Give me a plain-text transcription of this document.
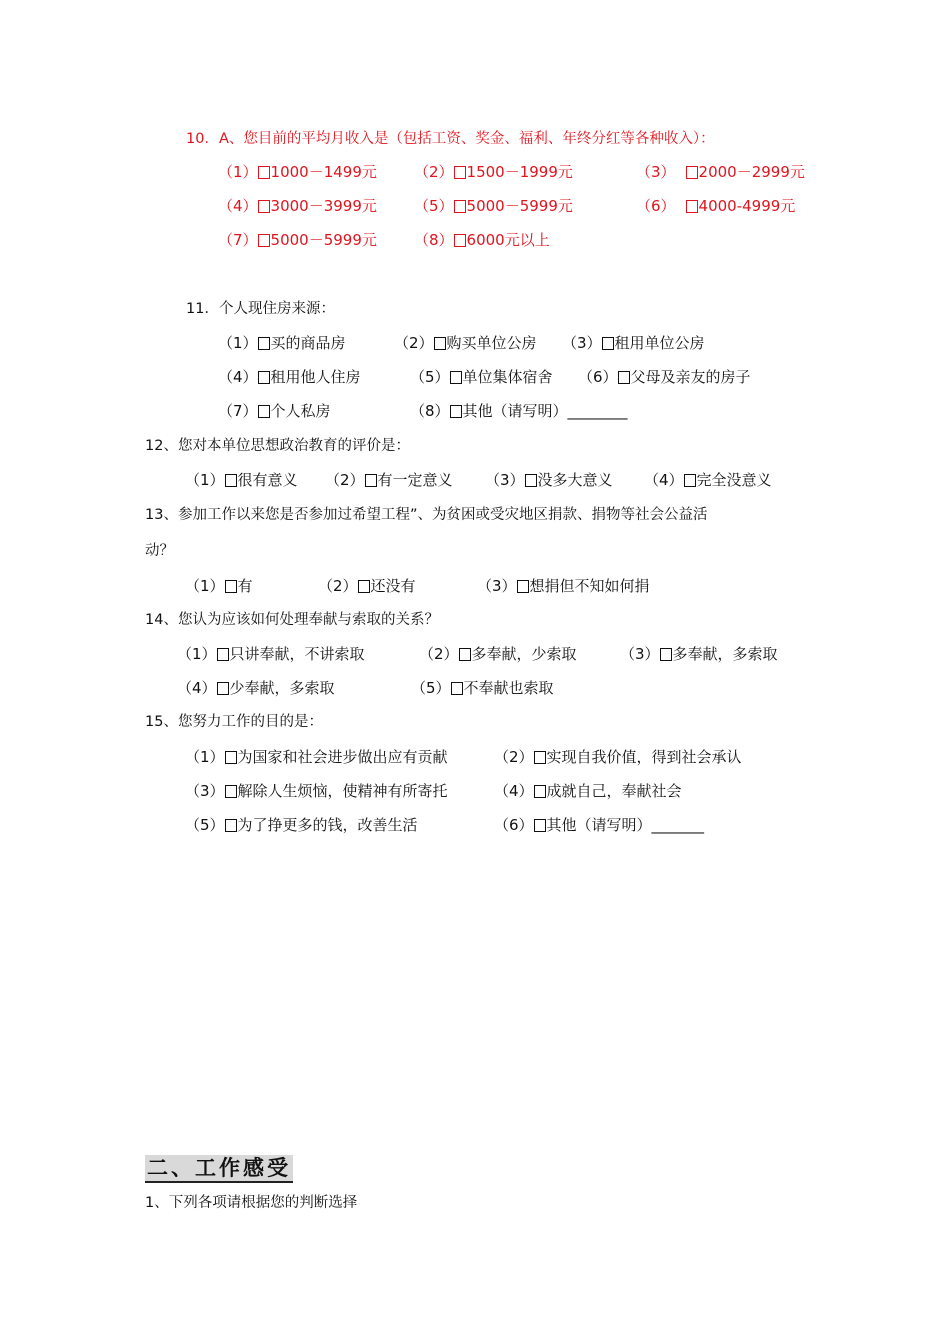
10．A、您目前的平均月收入是（包括工资、奖金、福利、年终分红等各种收入）：
（1） 1000－1499元 （2） 1500－1999元	（3） 2000－2999元
（4） 3000－3999元 （5） 5000－5999元	（6） 4000-4999元
（7） 5000－5999元 （8） 6000元以上
11．个人现住房来源：
（1） 买的商品房	（2） 购买单位公房 （3） 租用单位公房
（4） 租用他人住房	（5） 单位集体宿舍 （6） 父母及亲友的房子
（7） 个人私房	（8） 其他（请写明）________
12、您对本单位思想政治教育的评价是：
（1） 很有意义 （2） 有一定意义 （3） 没多大意义 （4） 完全没意义
13、参加工作以来您是否参加过希望工程”、为贫困或受灾地区捐款、捐物等社会公益活
动？
（1） 有	（2） 还没有	（3） 想捐但不知如何捐
14、您认为应该如何处理奉献与索取的关系？
（1） 只讲奉献，不讲索取	（2） 多奉献，少索取	（3） 多奉献，多索取
（4） 少奉献，多索取	（5） 不奉献也索取
15、您努力工作的目的是：
（1） 为国家和社会进步做出应有贡献	（2） 实现自我价值，得到社会承认
（3） 解除人生烦恼，使精神有所寄托	（4） 成就自己，奉献社会
（5） 为了挣更多的钱，改善生活	（6） 其他（请写明）_______
二、工作感受
1、下列各项请根据您的判断选择
